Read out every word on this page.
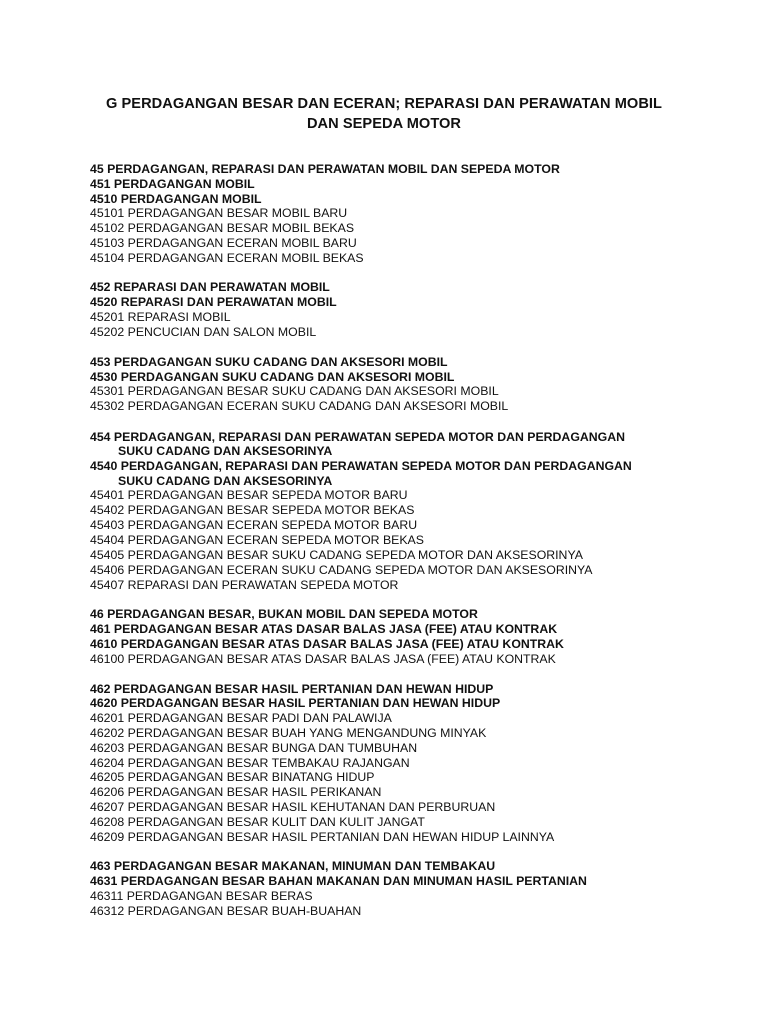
G PERDAGANGAN BESAR DAN ECERAN; REPARASI DAN PERAWATAN MOBIL
DAN SEPEDA MOTOR
45 PERDAGANGAN, REPARASI DAN PERAWATAN MOBIL DAN SEPEDA MOTOR
451 PERDAGANGAN MOBIL
4510 PERDAGANGAN MOBIL
45101 PERDAGANGAN BESAR MOBIL BARU
45102 PERDAGANGAN BESAR MOBIL BEKAS
45103 PERDAGANGAN ECERAN MOBIL BARU
45104 PERDAGANGAN ECERAN MOBIL BEKAS
452 REPARASI DAN PERAWATAN MOBIL
4520 REPARASI DAN PERAWATAN MOBIL
45201 REPARASI MOBIL
45202 PENCUCIAN DAN SALON MOBIL
453 PERDAGANGAN SUKU CADANG DAN AKSESORI MOBIL
4530 PERDAGANGAN SUKU CADANG DAN AKSESORI MOBIL
45301 PERDAGANGAN BESAR SUKU CADANG DAN AKSESORI MOBIL
45302 PERDAGANGAN ECERAN SUKU CADANG DAN AKSESORI MOBIL
454 PERDAGANGAN, REPARASI DAN PERAWATAN SEPEDA MOTOR DAN PERDAGANGAN
SUKU CADANG DAN AKSESORINYA
4540 PERDAGANGAN, REPARASI DAN PERAWATAN SEPEDA MOTOR DAN PERDAGANGAN
SUKU CADANG DAN AKSESORINYA
45401 PERDAGANGAN BESAR SEPEDA MOTOR BARU
45402 PERDAGANGAN BESAR SEPEDA MOTOR BEKAS
45403 PERDAGANGAN ECERAN SEPEDA MOTOR BARU
45404 PERDAGANGAN ECERAN SEPEDA MOTOR BEKAS
45405 PERDAGANGAN BESAR SUKU CADANG SEPEDA MOTOR DAN AKSESORINYA
45406 PERDAGANGAN ECERAN SUKU CADANG SEPEDA MOTOR DAN AKSESORINYA
45407 REPARASI DAN PERAWATAN SEPEDA MOTOR
46 PERDAGANGAN BESAR, BUKAN MOBIL DAN SEPEDA MOTOR
461 PERDAGANGAN BESAR ATAS DASAR BALAS JASA (FEE) ATAU KONTRAK
4610 PERDAGANGAN BESAR ATAS DASAR BALAS JASA (FEE) ATAU KONTRAK
46100 PERDAGANGAN BESAR ATAS DASAR BALAS JASA (FEE) ATAU KONTRAK
462 PERDAGANGAN BESAR HASIL PERTANIAN DAN HEWAN HIDUP
4620 PERDAGANGAN BESAR HASIL PERTANIAN DAN HEWAN HIDUP
46201 PERDAGANGAN BESAR PADI DAN PALAWIJA
46202 PERDAGANGAN BESAR BUAH YANG MENGANDUNG MINYAK
46203 PERDAGANGAN BESAR BUNGA DAN TUMBUHAN
46204 PERDAGANGAN BESAR TEMBAKAU RAJANGAN
46205 PERDAGANGAN BESAR BINATANG HIDUP
46206 PERDAGANGAN BESAR HASIL PERIKANAN
46207 PERDAGANGAN BESAR HASIL KEHUTANAN DAN PERBURUAN
46208 PERDAGANGAN BESAR KULIT DAN KULIT JANGAT
46209 PERDAGANGAN BESAR HASIL PERTANIAN DAN HEWAN HIDUP LAINNYA
463 PERDAGANGAN BESAR MAKANAN, MINUMAN DAN TEMBAKAU
4631 PERDAGANGAN BESAR BAHAN MAKANAN DAN MINUMAN HASIL PERTANIAN
46311 PERDAGANGAN BESAR BERAS
46312 PERDAGANGAN BESAR BUAH-BUAHAN
